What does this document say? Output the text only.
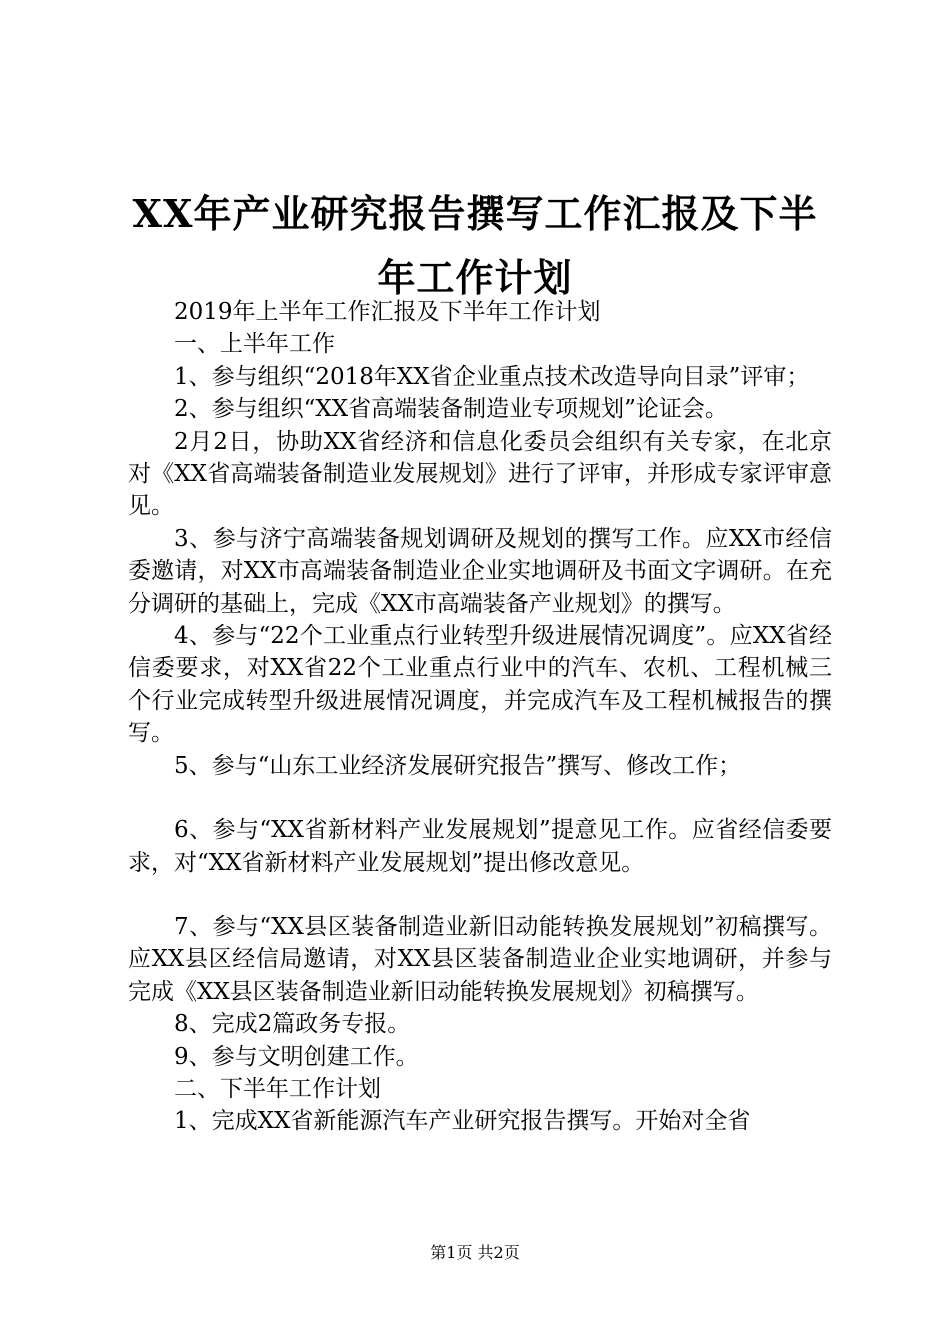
XX年产业研究报告撰写工作汇报及下半年工作计划

2019年上半年工作汇报及下半年工作计划

一、上半年工作

1、参与组织“2018年XX省企业重点技术改造导向目录”评审；

2、参与组织“XX省高端装备制造业专项规划”论证会。

2月2日，协助XX省经济和信息化委员会组织有关专家，在北京对《XX省高端装备制造业发展规划》进行了评审，并形成专家评审意见。

3、参与济宁高端装备规划调研及规划的撰写工作。应XX市经信委邀请，对XX市高端装备制造业企业实地调研及书面文字调研。在充分调研的基础上，完成《XX市高端装备产业规划》的撰写。

4、参与“22个工业重点行业转型升级进展情况调度”。应XX省经信委要求，对XX省22个工业重点行业中的汽车、农机、工程机械三个行业完成转型升级进展情况调度，并完成汽车及工程机械报告的撰写。

5、参与“山东工业经济发展研究报告”撰写、修改工作；

6、参与“XX省新材料产业发展规划”提意见工作。应省经信委要求，对“XX省新材料产业发展规划”提出修改意见。

7、参与“XX县区装备制造业新旧动能转换发展规划”初稿撰写。应XX县区经信局邀请，对XX县区装备制造业企业实地调研，并参与完成《XX县区装备制造业新旧动能转换发展规划》初稿撰写。

8、完成2篇政务专报。

9、参与文明创建工作。

二、下半年工作计划

1、完成XX省新能源汽车产业研究报告撰写。开始对全省

第1页 共2页
